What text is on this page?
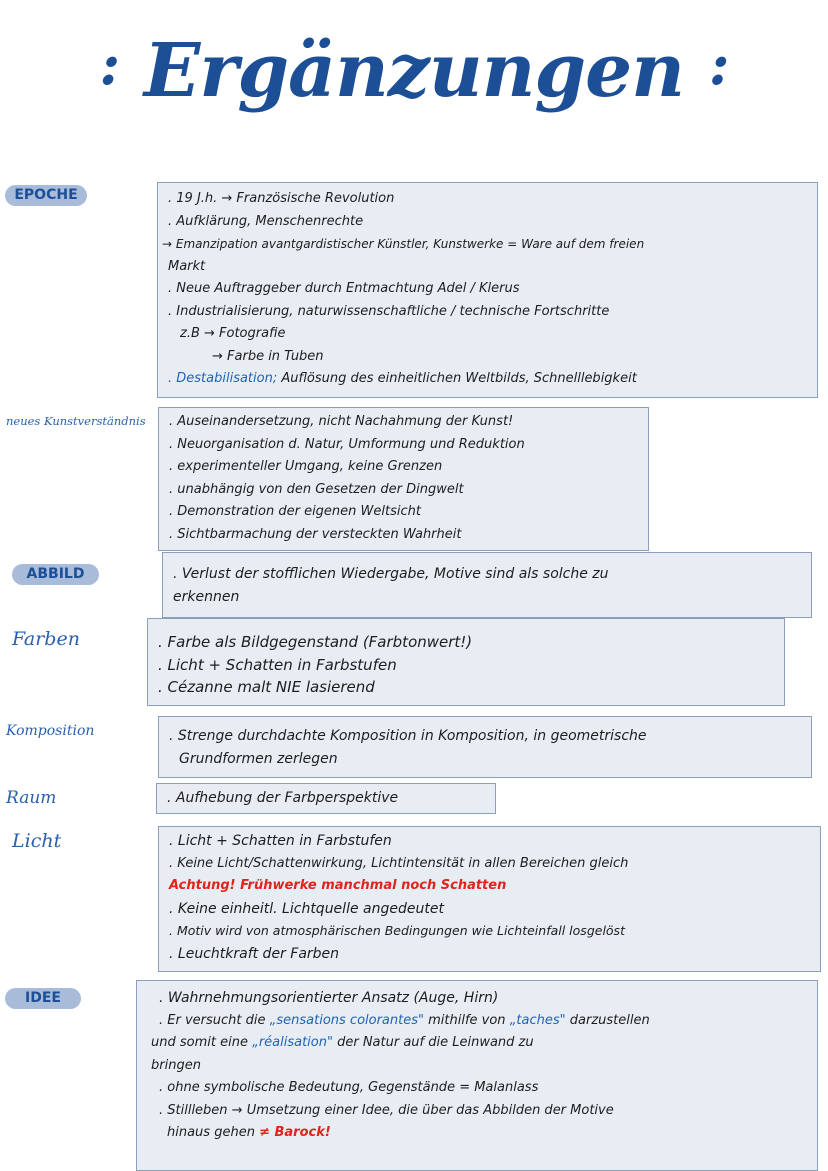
: Ergänzungen :
EPOCHE	. 19 J.h. → Französische Revolution
. Aufklärung, Menschenrechte
→ Emanzipation avantgardistischer Künstler, Kunstwerke = Ware auf dem freien
Markt
. Neue Auftraggeber durch Entmachtung Adel / Klerus
. Industrialisierung, naturwissenschaftliche / technische Fortschritte
z.B → Fotografie
→ Farbe in Tuben
. Destabilisation; Auflösung des einheitlichen Weltbilds, Schnelllebigkeit
neues Kunstverständnis . Auseinandersetzung, nicht Nachahmung der Kunst!
. Neuorganisation d. Natur, Umformung und Reduktion
. experimenteller Umgang, keine Grenzen
. unabhängig von den Gesetzen der Dingwelt
. Demonstration der eigenen Weltsicht
. Sichtbarmachung der versteckten Wahrheit
ABBILD	. Verlust der stofflichen Wiedergabe, Motive sind als solche zu
erkennen
Farben	. Farbe als Bildgegenstand (Farbtonwert!)
. Licht + Schatten in Farbstufen
. Cézanne malt NIE lasierend
Komposition	. Strenge durchdachte Komposition in Komposition, in geometrische
Grundformen zerlegen
Raum	. Aufhebung der Farbperspektive
Licht	. Licht + Schatten in Farbstufen
. Keine Licht/Schattenwirkung, Lichtintensität in allen Bereichen gleich
Achtung! Frühwerke manchmal noch Schatten
. Keine einheitl. Lichtquelle angedeutet
. Motiv wird von atmosphärischen Bedingungen wie Lichteinfall losgelöst
. Leuchtkraft der Farben
IDEE	. Wahrnehmungsorientierter Ansatz (Auge, Hirn)
. Er versucht die „sensations colorantes" mithilfe von „taches" darzustellen
und somit eine „réalisation" der Natur auf die Leinwand zu
bringen
. ohne symbolische Bedeutung, Gegenstände = Malanlass
. Stillleben → Umsetzung einer Idee, die über das Abbilden der Motive
hinaus gehen ≠ Barock!
